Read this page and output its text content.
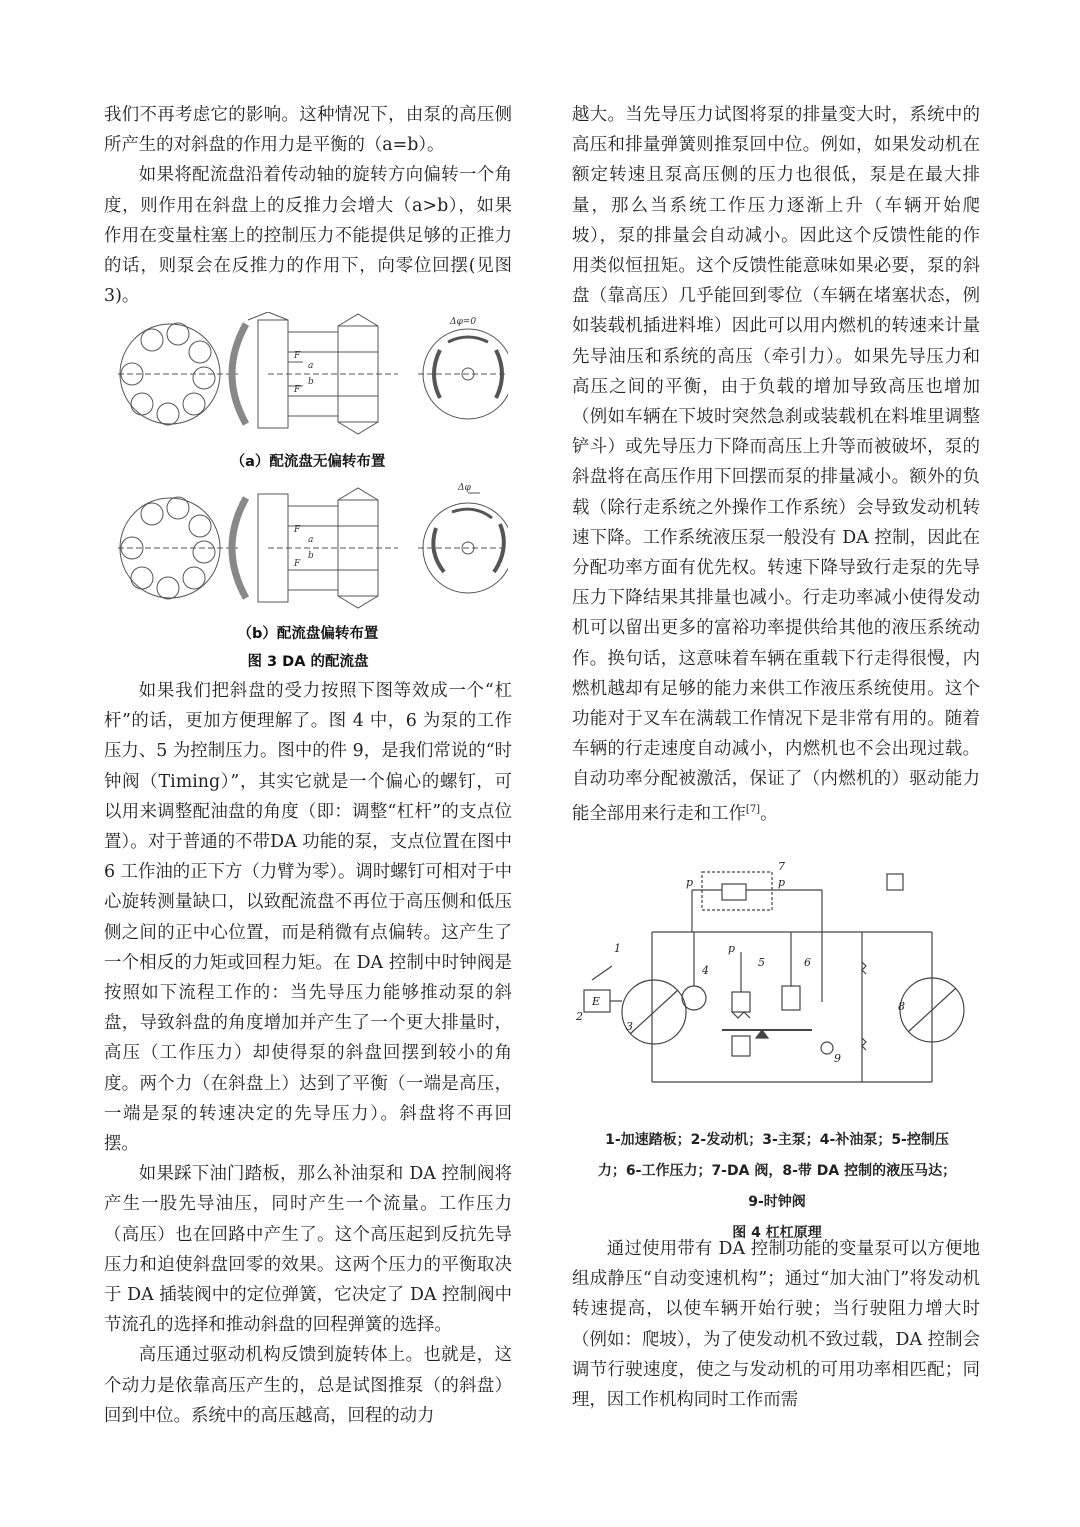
我们不再考虑它的影响。这种情况下，由泵的高压侧所产生的对斜盘的作用力是平衡的（a=b）。

如果将配流盘沿着传动轴的旋转方向偏转一个角度，则作用在斜盘上的反推力会增大（a>b），如果作用在变量柱塞上的控制压力不能提供足够的正推力的话，则泵会在反推力的作用下，向零位回摆(见图 3)。

F
F
a
b
Δφ=0
（a）配流盘无偏转布置
F
F
a
b
Δφ
（b）配流盘偏转布置
图 3 DA 的配流盘

如果我们把斜盘的受力按照下图等效成一个“杠杆”的话，更加方便理解了。图 4 中，6 为泵的工作压力、5 为控制压力。图中的件 9，是我们常说的“时钟阀（Timing）”，其实它就是一个偏心的螺钉，可以用来调整配油盘的角度（即：调整“杠杆”的支点位置）。对于普通的不带DA 功能的泵，支点位置在图中 6 工作油的正下方（力臂为零）。调时螺钉可相对于中心旋转测量缺口，以致配流盘不再位于高压侧和低压侧之间的正中心位置，而是稍微有点偏转。这产生了一个相反的力矩或回程力矩。在 DA 控制中时钟阀是按照如下流程工作的：当先导压力能够推动泵的斜盘，导致斜盘的角度增加并产生了一个更大排量时，高压（工作压力）却使得泵的斜盘回摆到较小的角度。两个力（在斜盘上）达到了平衡（一端是高压，一端是泵的转速决定的先导压力）。斜盘将不再回摆。

如果踩下油门踏板，那么补油泵和 DA 控制阀将产生一股先导油压，同时产生一个流量。工作压力（高压）也在回路中产生了。这个高压起到反抗先导压力和迫使斜盘回零的效果。这两个压力的平衡取决于 DA 插装阀中的定位弹簧，它决定了 DA 控制阀中节流孔的选择和推动斜盘的回程弹簧的选择。

高压通过驱动机构反馈到旋转体上。也就是，这个动力是依靠高压产生的，总是试图推泵（的斜盘）回到中位。系统中的高压越高，回程的动力

越大。当先导压力试图将泵的排量变大时，系统中的高压和排量弹簧则推泵回中位。例如，如果发动机在额定转速且泵高压侧的压力也很低，泵是在最大排量，那么当系统工作压力逐渐上升（车辆开始爬坡），泵的排量会自动减小。因此这个反馈性能的作用类似恒扭矩。这个反馈性能意味如果必要，泵的斜盘（靠高压）几乎能回到零位（车辆在堵塞状态，例如装载机插进料堆）因此可以用内燃机的转速来计量先导油压和系统的高压（牵引力）。如果先导压力和高压之间的平衡，由于负载的增加导致高压也增加（例如车辆在下坡时突然急刹或装载机在料堆里调整铲斗）或先导压力下降而高压上升等而被破坏，泵的斜盘将在高压作用下回摆而泵的排量减小。额外的负载（除行走系统之外操作工作系统）会导致发动机转速下降。工作系统液压泵一般没有 DA 控制，因此在分配功率方面有优先权。转速下降导致行走泵的先导压力下降结果其排量也减小。行走功率减小使得发动机可以留出更多的富裕功率提供给其他的液压系统动作。换句话，这意味着车辆在重载下行走得很慢，内燃机越却有足够的能力来供工作液压系统使用。这个功能对于叉车在满载工作情况下是非常有用的。随着车辆的行走速度自动减小，内燃机也不会出现过载。自动功率分配被激活，保证了（内燃机的）驱动能力能全部用来行走和工作[7]。

1
2
3
4
5	6
7
8
9
p	p
p
E
1-加速踏板；2-发动机；3-主泵；4-补油泵；5-控制压
力；6-工作压力；7-DA 阀，8-带 DA 控制的液压马达；
9-时钟阀
图 4 杠杠原理

通过使用带有 DA 控制功能的变量泵可以方便地组成静压“自动变速机构”；通过“加大油门”将发动机转速提高，以使车辆开始行驶；当行驶阻力增大时（例如：爬坡），为了使发动机不致过载，DA 控制会调节行驶速度，使之与发动机的可用功率相匹配；同理，因工作机构同时工作而需
